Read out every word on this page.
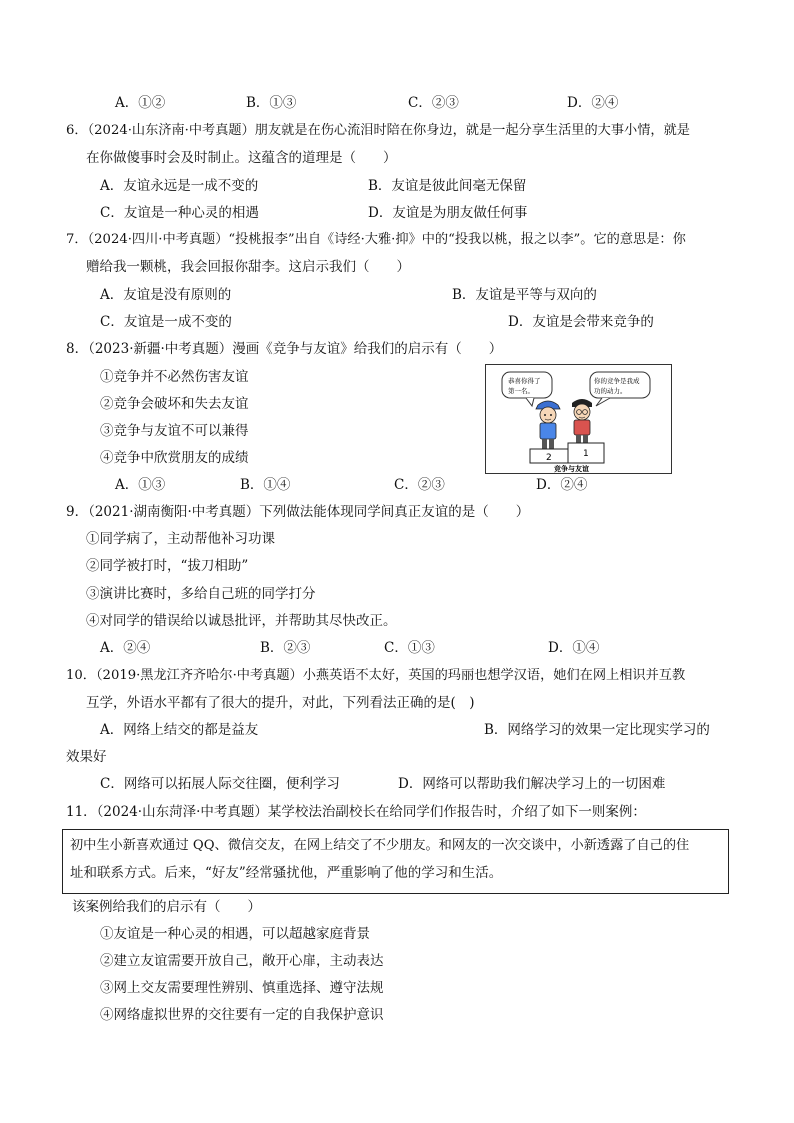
A．①②	B．①③	C．②③	D．②④
6．（2024·山东济南·中考真题）朋友就是在伤心流泪时陪在你身边，就是一起分享生活里的大事小情，就是
在你做傻事时会及时制止。这蕴含的道理是（　　）
A．友谊永远是一成不变的	B．友谊是彼此间毫无保留
C．友谊是一种心灵的相遇	D．友谊是为朋友做任何事
7．（2024·四川·中考真题）“投桃报李”出自《诗经·大雅·抑》中的“投我以桃，报之以李”。它的意思是：你
赠给我一颗桃，我会回报你甜李。这启示我们（　　）
A．友谊是没有原则的	B．友谊是平等与双向的
C．友谊是一成不变的	D．友谊是会带来竞争的
8．（2023·新疆·中考真题）漫画《竞争与友谊》给我们的启示有（　　）
①竞争并不必然伤害友谊
②竞争会破坏和失去友谊
③竞争与友谊不可以兼得
④竞争中欣赏朋友的成绩
恭喜你得了
第一名。
你的竞争是我成
功的动力。
2	1
竞争与友谊
A．①③	B．①④	C．②③	D．②④
9．（2021·湖南衡阳·中考真题）下列做法能体现同学间真正友谊的是（　　）
①同学病了，主动帮他补习功课
②同学被打时，“拔刀相助”
③演讲比赛时，多给自己班的同学打分
④对同学的错误给以诚恳批评，并帮助其尽快改正。
A．②④	B．②③	C．①③	D．①④
10．（2019·黑龙江齐齐哈尔·中考真题）小燕英语不太好，英国的玛丽也想学汉语，她们在网上相识并互教
互学，外语水平都有了很大的提升，对此，下列看法正确的是(　)
A．网络上结交的都是益友	B．网络学习的效果一定比现实学习的
效果好
C．网络可以拓展人际交往圈，便利学习	D．网络可以帮助我们解决学习上的一切困难
11．（2024·山东菏泽·中考真题）某学校法治副校长在给同学们作报告时，介绍了如下一则案例：
初中生小新喜欢通过 QQ、微信交友，在网上结交了不少朋友。和网友的一次交谈中，小新透露了自己的住
址和联系方式。后来，“好友”经常骚扰他，严重影响了他的学习和生活。
该案例给我们的启示有（　　）
①友谊是一种心灵的相遇，可以超越家庭背景
②建立友谊需要开放自己，敞开心扉，主动表达
③网上交友需要理性辨别、慎重选择、遵守法规
④网络虚拟世界的交往要有一定的自我保护意识
